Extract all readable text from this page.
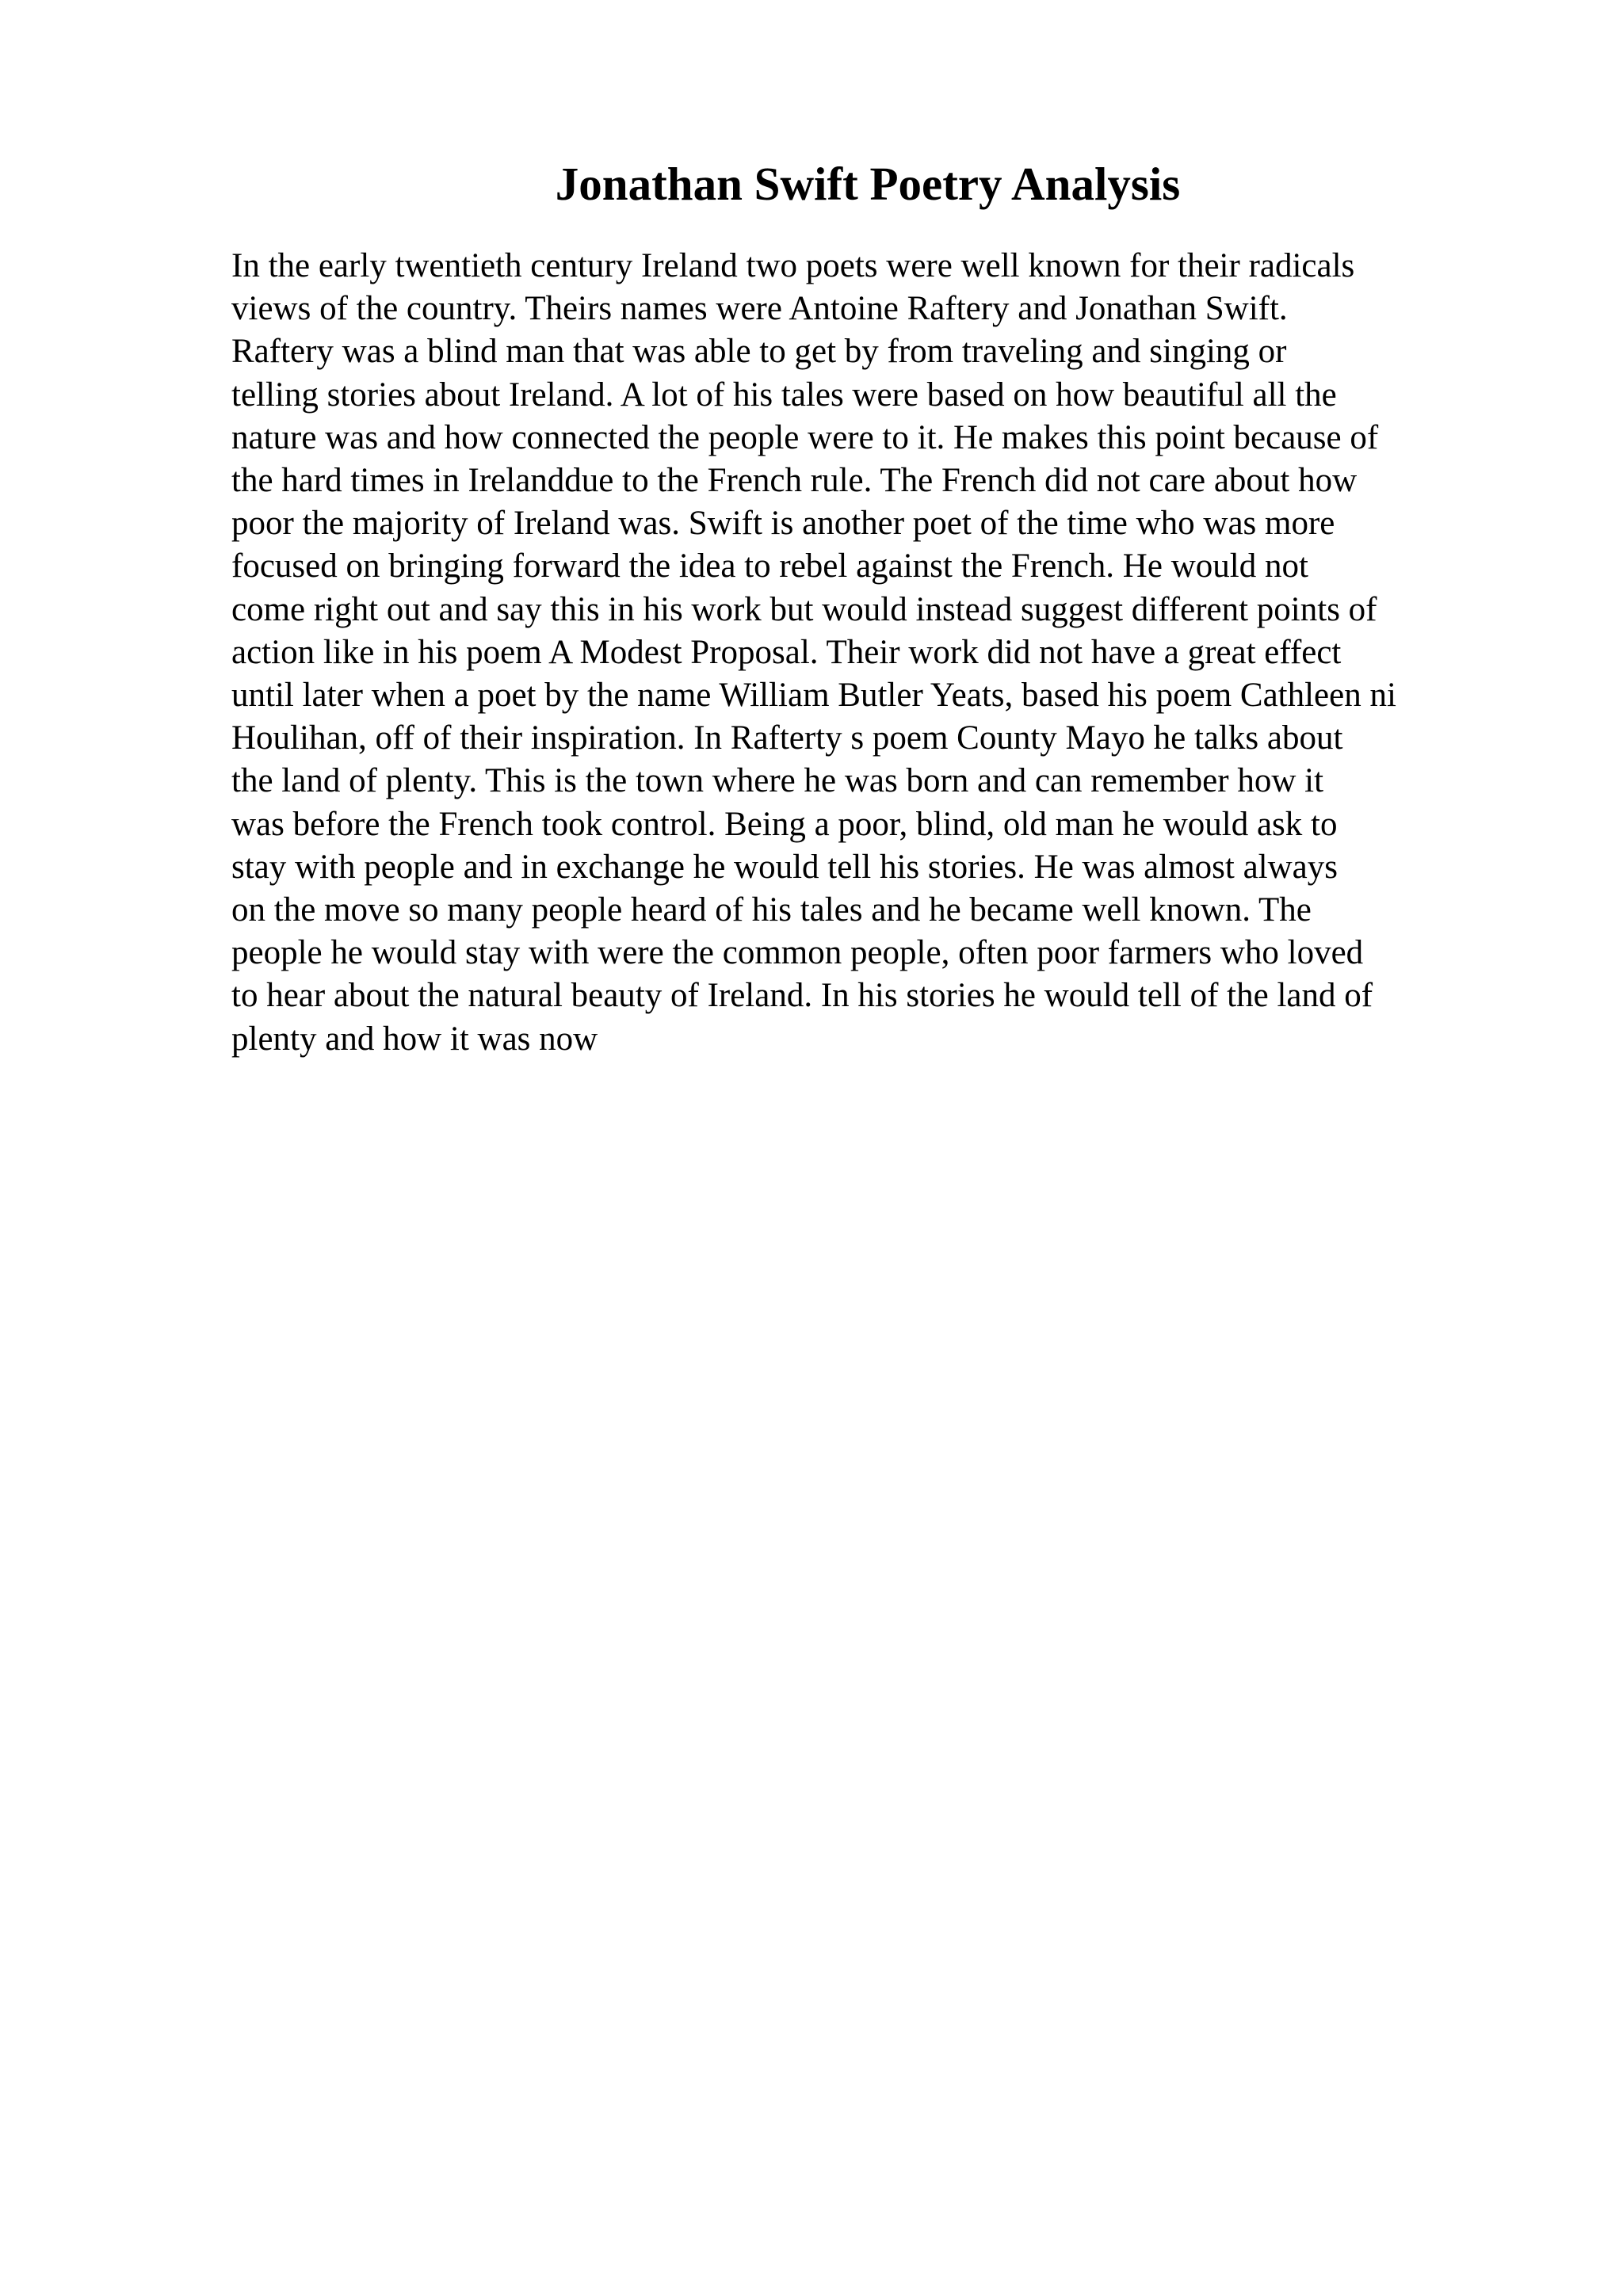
Jonathan Swift Poetry Analysis
In the early twentieth century Ireland two poets were well known for their radicals
views of the country. Theirs names were Antoine Raftery and Jonathan Swift.
Raftery was a blind man that was able to get by from traveling and singing or
telling stories about Ireland. A lot of his tales were based on how beautiful all the
nature was and how connected the people were to it. He makes this point because of
the hard times in Irelanddue to the French rule. The French did not care about how
poor the majority of Ireland was. Swift is another poet of the time who was more
focused on bringing forward the idea to rebel against the French. He would not
come right out and say this in his work but would instead suggest different points of
action like in his poem A Modest Proposal. Their work did not have a great effect
until later when a poet by the name William Butler Yeats, based his poem Cathleen ni
Houlihan, off of their inspiration. In Rafterty s poem County Mayo he talks about
the land of plenty. This is the town where he was born and can remember how it
was before the French took control. Being a poor, blind, old man he would ask to
stay with people and in exchange he would tell his stories. He was almost always
on the move so many people heard of his tales and he became well known. The
people he would stay with were the common people, often poor farmers who loved
to hear about the natural beauty of Ireland. In his stories he would tell of the land of
plenty and how it was now
